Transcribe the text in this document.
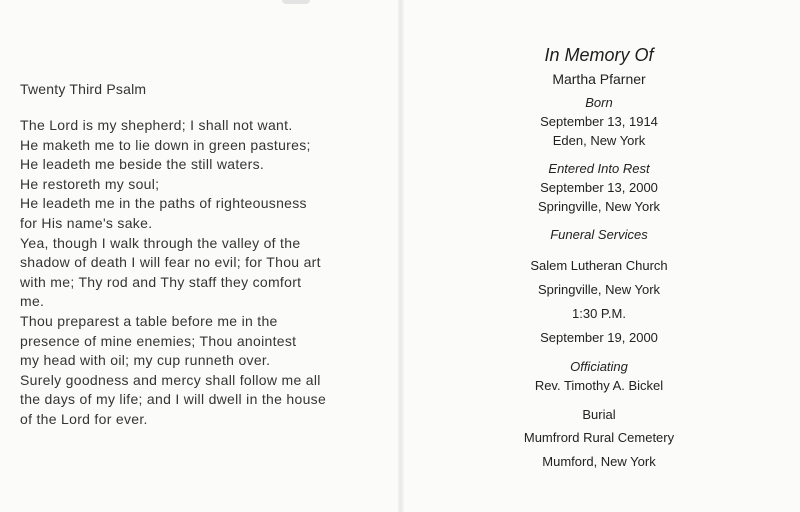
Twenty Third Psalm
The Lord is my shepherd; I shall not want.
He maketh me to lie down in green pastures;
He leadeth me beside the still waters.
He restoreth my soul;
He leadeth me in the paths of righteousness
for His name's sake.
Yea, though I walk through the valley of the
shadow of death I will fear no evil; for Thou art
with me; Thy rod and Thy staff they comfort
me.
Thou preparest a table before me in the
presence of mine enemies; Thou anointest
my head with oil; my cup runneth over.
Surely goodness and mercy shall follow me all
the days of my life; and I will dwell in the house
of the Lord for ever.
In Memory Of
Martha Pfarner
Born
September 13, 1914
Eden, New York
Entered Into Rest
September 13, 2000
Springville, New York
Funeral Services
Salem Lutheran Church
Springville, New York
1:30 P.M.
September 19, 2000
Officiating
Rev. Timothy A. Bickel
Burial
Mumfrord Rural Cemetery
Mumford, New York
